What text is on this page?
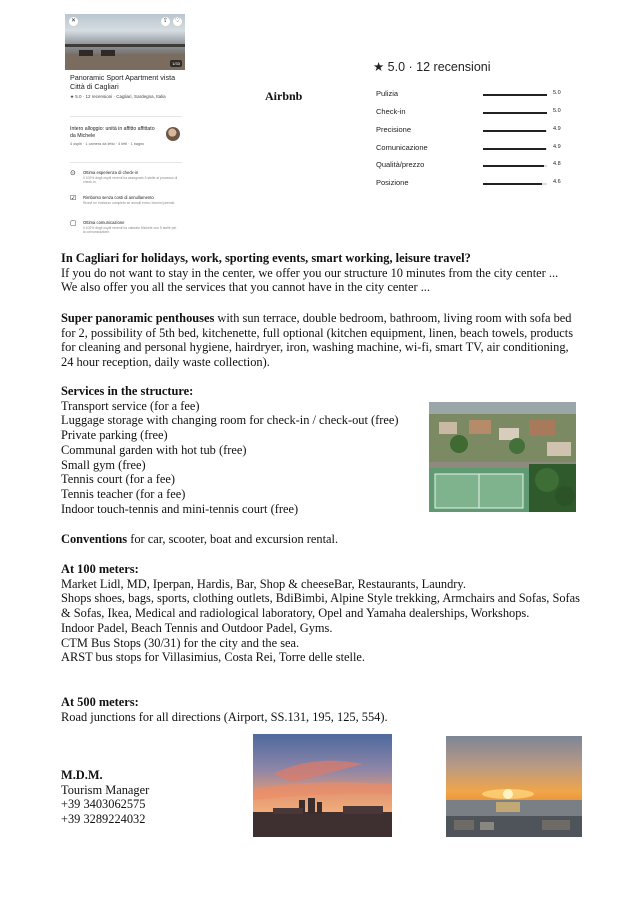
✕	⇪	♡
1/33
Panoramic Sport Apartment vista Città di Cagliari
★ 5.0 · 12 recensioni · Cagliari, Sardegna, Italia
Intero alloggio: unità in affitto affittato da Michele
4 ospiti · 1 camera da letto · 4 letti · 1 bagno
⊙ Ottima esperienza di check-in
Il 100% degli ospiti recenti ha assegnato 5 stelle al processo di check-in.
☑ Rimborso senza costi di annullamento
Ricevi un rimborso completo se annulli entro i termini previsti.
▢ Ottima comunicazione
Il 100% degli ospiti recenti ha valutato Michele con 5 stelle per la comunicazione.
Airbnb
★ 5.0 · 12 recensioni
Pulizia	5.0
Check-in	5.0
Precisione	4.9
Comunicazione	4.9
Qualità/prezzo	4.8
Posizione	4.6

In Cagliari for holidays, work, sporting events, smart working, leisure travel?

If you do not want to stay in the center, we offer you our structure 10 minutes from the city center ...

We also offer you all the services that you cannot have in the city center ...

Super panoramic penthouses with sun terrace, double bedroom, bathroom, living room with sofa bed for 2, possibility of 5th bed, kitchenette, full optional (kitchen equipment, linen, beach towels, products for cleaning and personal hygiene, hairdryer, iron, washing machine, wi-fi, smart TV, air conditioning, 24 hour reception, daily waste collection).

Services in the structure:

Transport service (for a fee)

Luggage storage with changing room for check-in / check-out (free)

Private parking (free)

Communal garden with hot tub (free)

Small gym (free)

Tennis court (for a fee)

Tennis teacher (for a fee)

Indoor touch-tennis and mini-tennis court (free)

Conventions for car, scooter, boat and excursion rental.

At 100 meters:

Market Lidl, MD, Iperpan, Hardis, Bar, Shop & cheeseBar, Restaurants, Laundry.

Shops shoes, bags, sports, clothing outlets, BdiBimbi, Alpine Style trekking, Armchairs and Sofas, Sofas & Sofas, Ikea, Medical and radiological laboratory, Opel and Yamaha dealerships, Workshops.

Indoor Padel, Beach Tennis and Outdoor Padel, Gyms.

CTM Bus Stops (30/31) for the city and the sea.

ARST bus stops for Villasimius, Costa Rei, Torre delle stelle.

At 500 meters:

Road junctions for all directions (Airport, SS.131, 195, 125, 554).

M.D.M.
Tourism Manager
+39 3403062575
+39 3289224032
